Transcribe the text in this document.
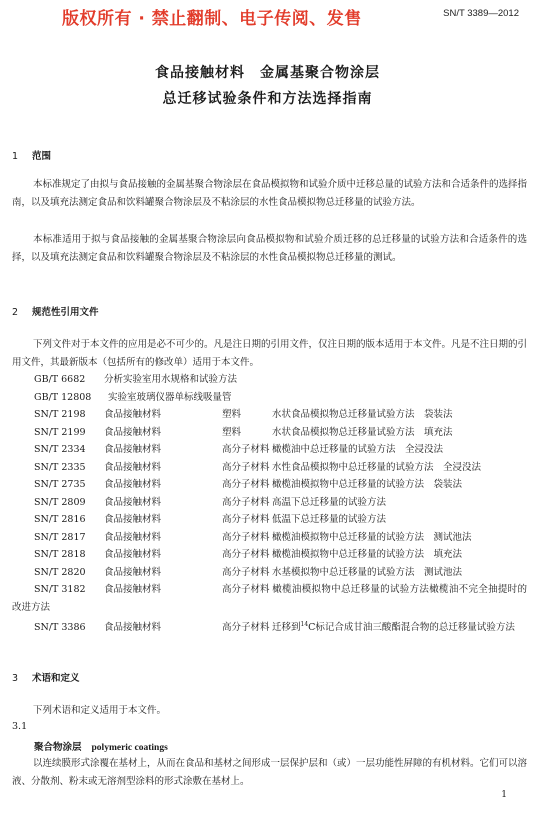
版权所有 · 禁止翻制、电子传阅、发售	SN/T 3389—2012
食品接触材料　金属基聚合物涂层
总迁移试验条件和方法选择指南
1 范围
本标准规定了由拟与食品接触的金属基聚合物涂层在食品模拟物和试验介质中迁移总量的试验方法和合适条件的选择指南，以及填充法测定食品和饮料罐聚合物涂层及不粘涂层的水性食品模拟物总迁移量的试验方法。
本标准适用于拟与食品接触的金属基聚合物涂层向食品模拟物和试验介质迁移的总迁移量的试验方法和合适条件的选择，以及填充法测定食品和饮料罐聚合物涂层及不粘涂层的水性食品模拟物总迁移量的测试。
2 规范性引用文件
下列文件对于本文件的应用是必不可少的。凡是注日期的引用文件，仅注日期的版本适用于本文件。凡是不注日期的引用文件，其最新版本（包括所有的修改单）适用于本文件。
GB/T 6682 分析实验室用水规格和试验方法
GB/T 12808 实验室玻璃仪器单标线吸量管
SN/T 2198 食品接触材料	塑料	水状食品模拟物总迁移量试验方法　袋装法
SN/T 2199 食品接触材料	塑料	水状食品模拟物总迁移量试验方法　填充法
SN/T 2334 食品接触材料	高分子材料 橄榄油中总迁移量的试验方法　全浸没法
SN/T 2335 食品接触材料	高分子材料 水性食品模拟物中总迁移量的试验方法　全浸没法
SN/T 2735 食品接触材料	高分子材料 橄榄油模拟物中总迁移量的试验方法　袋装法
SN/T 2809 食品接触材料	高分子材料 高温下总迁移量的试验方法
SN/T 2816 食品接触材料	高分子材料 低温下总迁移量的试验方法
SN/T 2817 食品接触材料	高分子材料 橄榄油模拟物中总迁移量的试验方法　测试池法
SN/T 2818 食品接触材料	高分子材料 橄榄油模拟物中总迁移量的试验方法　填充法
SN/T 2820 食品接触材料	高分子材料 水基模拟物中总迁移量的试验方法　测试池法
SN/T 3182 食品接触材料	高分子材料 橄榄油模拟物中总迁移量的试验方法橄榄油不完全抽提时的改进方法
SN/T 3386 食品接触材料	高分子材料 迁移到$^{14}$C标记合成甘油三酸酯混合物的总迁移量试验方法
3 术语和定义
下列术语和定义适用于本文件。
3.1
聚合物涂层 polymeric coatings
以连续膜形式涂覆在基材上，从而在食品和基材之间形成一层保护层和（或）一层功能性屏障的有机材料。它们可以溶液、分散剂、粉末或无溶剂型涂料的形式涂敷在基材上。
1
